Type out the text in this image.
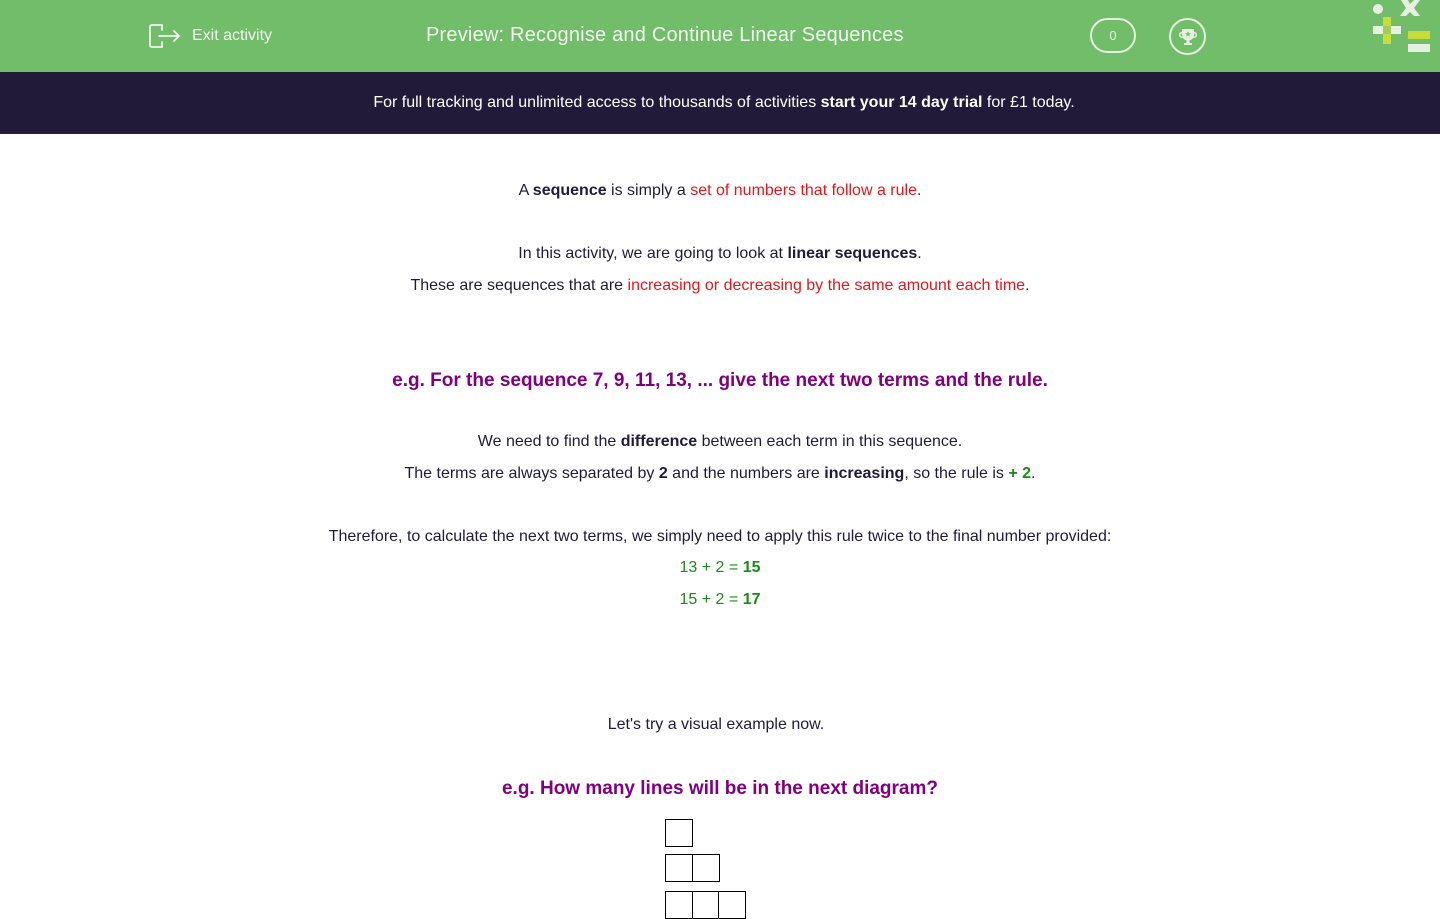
Exit activity	Preview: Recognise and Continue Linear Sequences	0
For full tracking and unlimited access to thousands of activities start your 14 day trial for £1 today.
A sequence is simply a set of numbers that follow a rule.
In this activity, we are going to look at linear sequences.
These are sequences that are increasing or decreasing by the same amount each time.
e.g. For the sequence 7, 9, 11, 13, ... give the next two terms and the rule.
We need to find the difference between each term in this sequence.
The terms are always separated by 2 and the numbers are increasing, so the rule is + 2.
Therefore, to calculate the next two terms, we simply need to apply this rule twice to the final number provided:
13 + 2 = 15
15 + 2 = 17
Let's try a visual example now.
e.g. How many lines will be in the next diagram?
